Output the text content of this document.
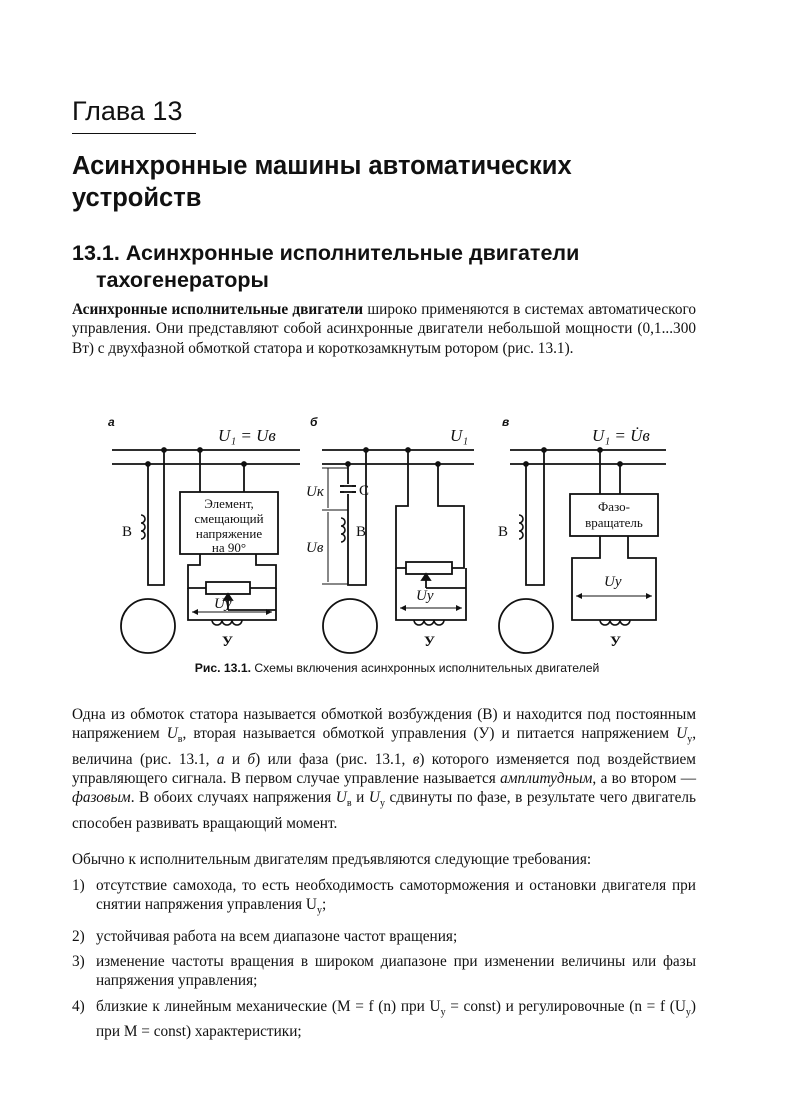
Глава 13
Асинхронные машины автоматических
устройств
13.1. Асинхронные исполнительные двигатели
тахогенераторы
Асинхронные исполнительные двигатели широко применяются в системах автоматического управления. Они представляют собой асинхронные двигатели небольшой мощности (0,1...300 Вт) с двухфазной обмоткой статора и короткозамкнутым ротором (рис. 13.1).
а
U₁ = Uв
В
Элемент,
смещающий
напряжение
на 90°
Uу
У
б
U₁
С
В
Uк
Uв
Uу
У
в
U₁ = U̇в
В
Фазо-
вращатель
Uу
У
Рис. 13.1. Схемы включения асинхронных исполнительных двигателей
Одна из обмоток статора называется обмоткой возбуждения (В) и находится под постоянным напряжением $U_в$, вторая называется обмоткой управления (У) и питается напряжением $U_у$, величина (рис. 13.1, а и б) или фаза (рис. 13.1, в) которого изменяется под воздействием управляющего сигнала. В первом случае управление называется амплитудным, а во втором — фазовым. В обоих случаях напряжения $U_в$ и $U_у$ сдвинуты по фазе, в результате чего двигатель способен развивать вращающий момент.
Обычно к исполнительным двигателям предъявляются следующие требования:
1) отсутствие самохода, то есть необходимость самоторможения и остановки двигателя при снятии напряжения управления $U_у$;
2) устойчивая работа на всем диапазоне частот вращения;
3) изменение частоты вращения в широком диапазоне при изменении величины или фазы напряжения управления;
4) близкие к линейным механические (M = f (n) при $U_у$ = const) и регулировочные (n = f $(U_у)$ при M = const) характеристики;
